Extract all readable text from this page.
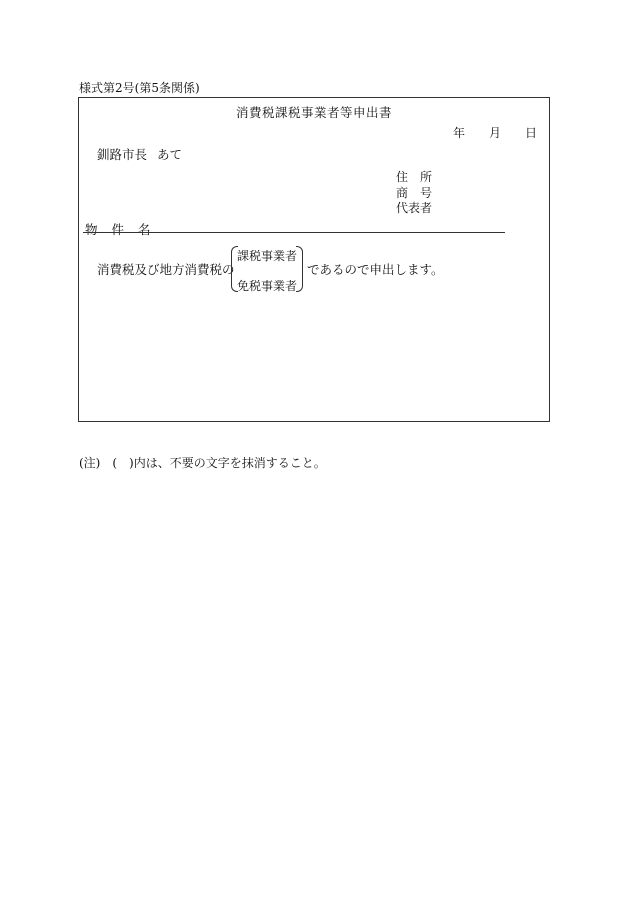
様式第2号(第5条関係)
消費税課税事業者等申出書
年 月 日
釧路市長 あて
住　所
商　号
代表者
物 件 名
消費税及び地方消費税の
課税事業者
免税事業者
であるので申出します。
(注)　(　)内は、不要の文字を抹消すること。
